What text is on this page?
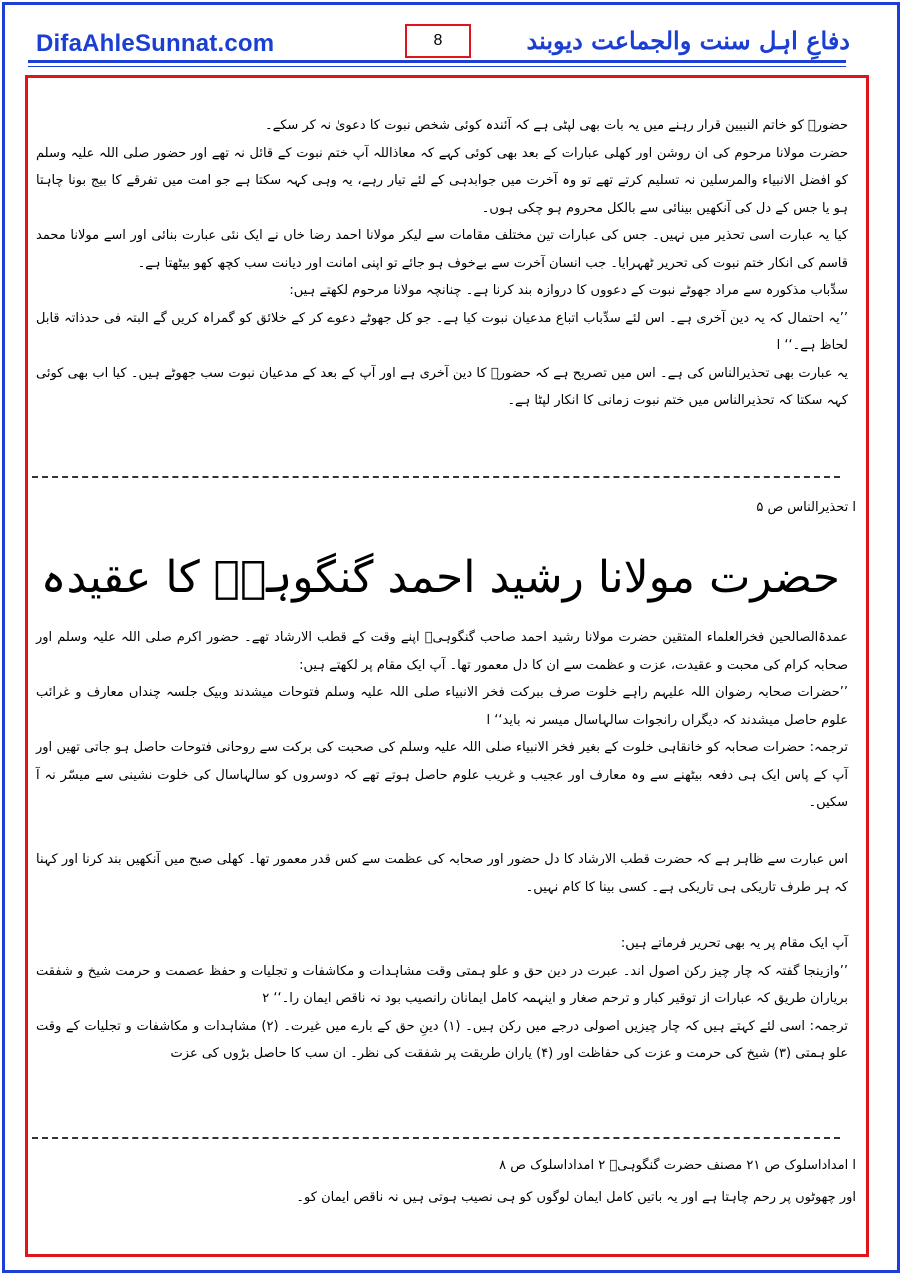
DifaAhleSunnat.com	8	دفاعِ اہل سنت والجماعت دیوبند

حضورؐ کو خاتم النبیین قرار رہنے میں یہ بات بھی لپٹی ہے کہ آئندہ کوئی شخص نبوت کا دعویٰ نہ کر سکے۔

حضرت مولانا مرحوم کی ان روشن اور کھلی عبارات کے بعد بھی کوئی کہے کہ معاذاللہ آپ ختم نبوت کے قائل نہ تھے اور حضور صلی اللہ علیہ وسلم کو افضل الانبیاء والمرسلین نہ تسلیم کرتے تھے تو وہ آخرت میں جوابدہی کے لئے تیار رہے، یہ وہی کہہ سکتا ہے جو امت میں تفرقے کا بیج بونا چاہتا ہو یا جس کے دل کی آنکھیں بینائی سے بالکل محروم ہو چکی ہوں۔

کیا یہ عبارت اسی تحذیر میں نہیں۔ جس کی عبارات تین مختلف مقامات سے لیکر مولانا احمد رضا خاں نے ایک نئی عبارت بنائی اور اسے مولانا محمد قاسم کی انکار ختم نبوت کی تحریر ٹھہرایا۔ جب انسان آخرت سے بےخوف ہو جائے تو اپنی امانت اور دیانت سب کچھ کھو بیٹھتا ہے۔

سدِّباب مذکورہ سے مراد جھوٹے نبوت کے دعووں کا دروازہ بند کرنا ہے۔ چنانچہ مولانا مرحوم لکھتے ہیں:

’’یہ احتمال کہ یہ دین آخری ہے۔ اس لئے سدِّباب اتباع مدعیان نبوت کیا ہے۔ جو کل جھوٹے دعوے کر کے خلائق کو گمراہ کریں گے البتہ فی حدذاتہ قابل لحاظ ہے۔‘‘ ا

یہ عبارت بھی تحذیرالناس کی ہے۔ اس میں تصریح ہے کہ حضورؐ کا دین آخری ہے اور آپ کے بعد کے مدعیان نبوت سب جھوٹے ہیں۔ کیا اب بھی کوئی کہہ سکتا کہ تحذیرالناس میں ختم نبوت زمانی کا انکار لپٹا ہے۔

ا تحذیرالناس ص ۵
حضرت مولانا رشید احمد گنگوہیؒ کا عقیدہ

عمدۃالصالحین فخرالعلماء المتقین حضرت مولانا رشید احمد صاحب گنگوہیؒ اپنے وقت کے قطب الارشاد تھے۔ حضور اکرم صلی اللہ علیہ وسلم اور صحابہ کرام کی محبت و عقیدت، عزت و عظمت سے ان کا دل معمور تھا۔ آپ ایک مقام پر لکھتے ہیں:

’’حضرات صحابہ رضوان اللہ علیہم راہے خلوت صرف ببرکت فخر الانبیاء صلی اللہ علیہ وسلم فتوحات میشدند وبیک جلسہ چنداں معارف و غرائب علوم حاصل میشدند کہ دیگراں رانجوات سالہاسال میسر نہ باید‘‘ ا

ترجمہ: حضرات صحابہ کو خانقاہی خلوت کے بغیر فخر الانبیاء صلی اللہ علیہ وسلم کی صحبت کی برکت سے روحانی فتوحات حاصل ہو جاتی تھیں اور آپ کے پاس ایک ہی دفعہ بیٹھنے سے وہ معارف اور عجیب و غریب علوم حاصل ہوتے تھے کہ دوسروں کو سالہاسال کی خلوت نشینی سے میسّر نہ آ سکیں۔

اس عبارت سے ظاہر ہے کہ حضرت قطب الارشاد کا دل حضور اور صحابہ کی عظمت سے کس قدر معمور تھا۔ کھلی صبح میں آنکھیں بند کرنا اور کہنا کہ ہر طرف تاریکی ہی تاریکی ہے۔ کسی بینا کا کام نہیں۔

آپ ایک مقام پر یہ بھی تحریر فرماتے ہیں:

’’وازینجا گفتہ کہ چار چیز رکن اصول اند۔ عبرت در دین حق و علو ہمتی وقت مشاہدات و مکاشفات و تجلیات و حفظ عصمت و حرمت شیخ و شفقت بریاران طریق کہ عبارات از توقیر کبار و ترحم صغار و اینہمہ کامل ایمانان رانصیب بود نہ ناقص ایمان را۔‘‘ ۲

ترجمہ: اسی لئے کہتے ہیں کہ چار چیزیں اصولی درجے میں رکن ہیں۔ (۱) دینِ حق کے بارے میں غیرت۔ (۲) مشاہدات و مکاشفات و تجلیات کے وقت علو ہمتی (۳) شیخ کی حرمت و عزت کی حفاظت اور (۴) یاران طریقت پر شفقت کی نظر۔ ان سب کا حاصل بڑوں کی عزت

ا امداداسلوک ص ۲۱ مصنف حضرت گنگوہیؒ ۲ امداداسلوک ص ۸
اور چھوٹوں پر رحم چاہتا ہے اور یہ باتیں کامل ایمان لوگوں کو ہی نصیب ہوتی ہیں نہ ناقص ایمان کو۔
